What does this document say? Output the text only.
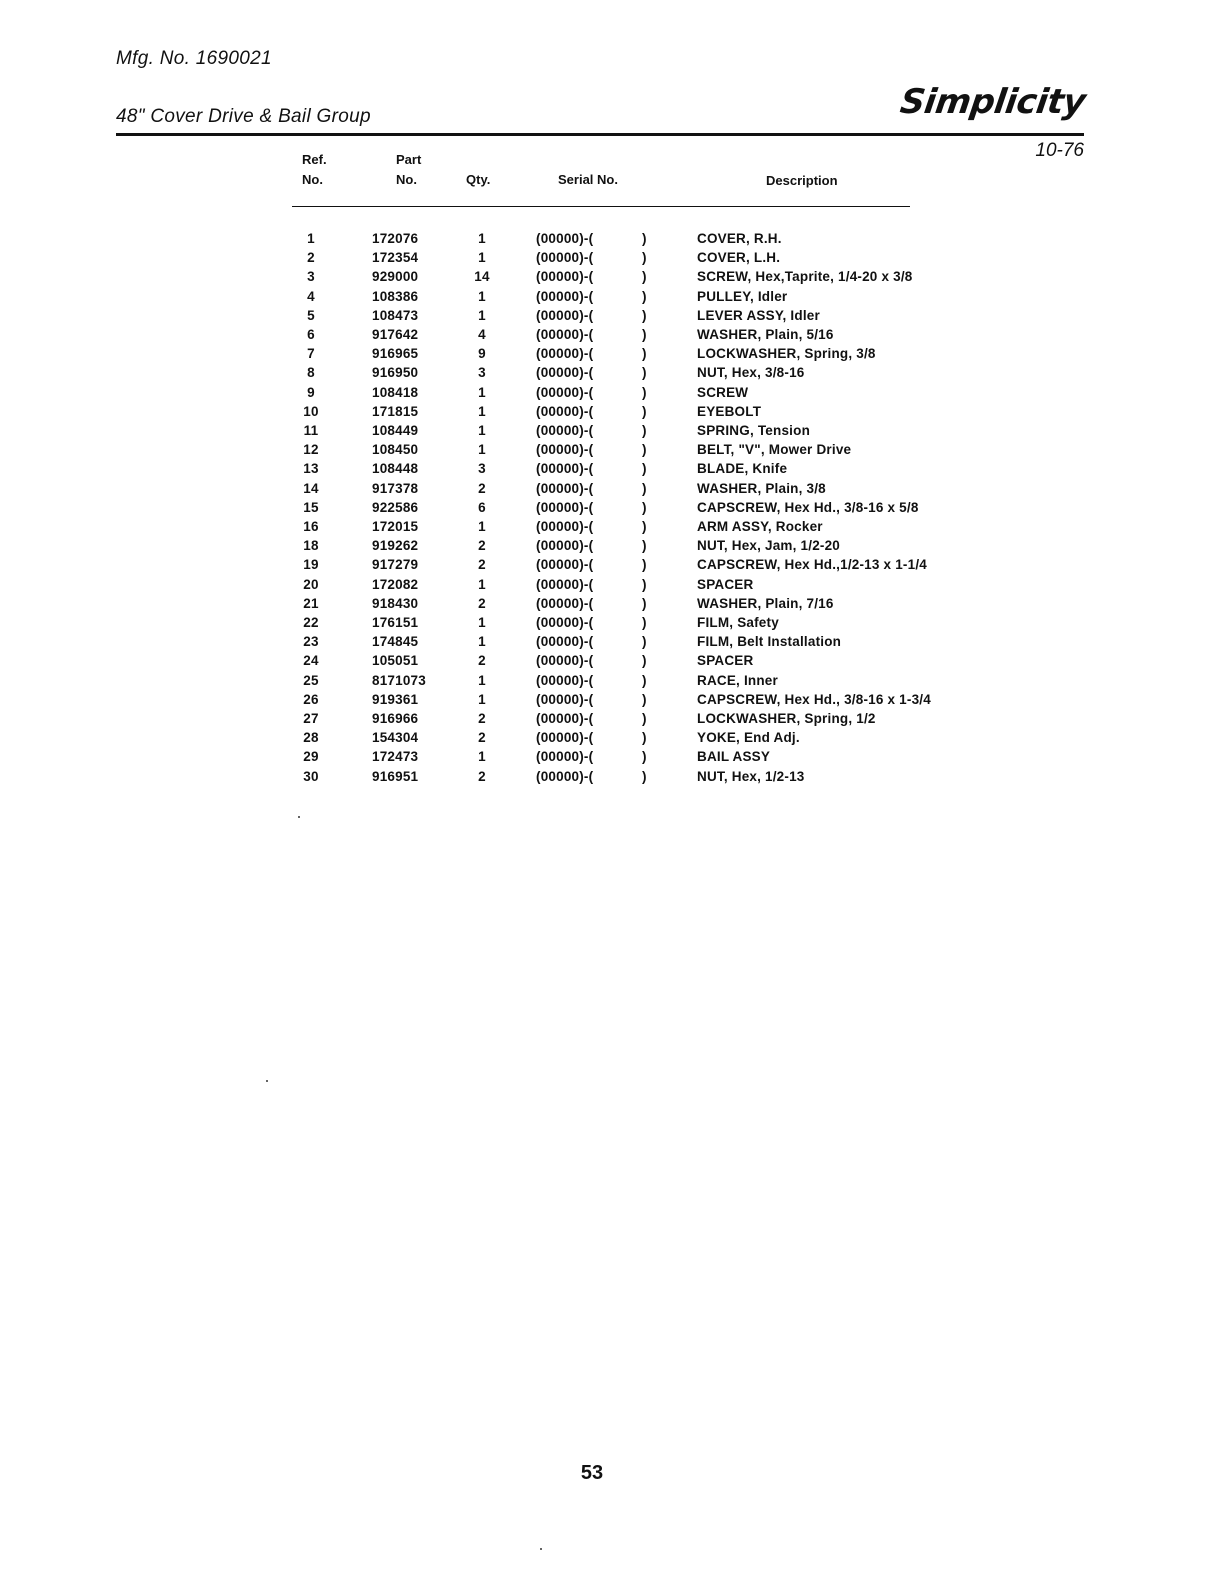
Mfg. No. 1690021
48" Cover Drive & Bail Group	Simplicity
10-76
Ref.
No.
Part
No.	Qty.	Serial No.	Description
1	172076	1	(00000)-(	)	COVER, R.H.
2	172354	1	(00000)-(	)	COVER, L.H.
3	929000	14	(00000)-(	)	SCREW, Hex,Taprite, 1/4-20 x 3/8
4	108386	1	(00000)-(	)	PULLEY, Idler
5	108473	1	(00000)-(	)	LEVER ASSY, Idler
6	917642	4	(00000)-(	)	WASHER, Plain, 5/16
7	916965	9	(00000)-(	)	LOCKWASHER, Spring, 3/8
8	916950	3	(00000)-(	)	NUT, Hex, 3/8-16
9	108418	1	(00000)-(	)	SCREW
10	171815	1	(00000)-(	)	EYEBOLT
11	108449	1	(00000)-(	)	SPRING, Tension
12	108450	1	(00000)-(	)	BELT, "V", Mower Drive
13	108448	3	(00000)-(	)	BLADE, Knife
14	917378	2	(00000)-(	)	WASHER, Plain, 3/8
15	922586	6	(00000)-(	)	CAPSCREW, Hex Hd., 3/8-16 x 5/8
16	172015	1	(00000)-(	)	ARM ASSY, Rocker
18	919262	2	(00000)-(	)	NUT, Hex, Jam, 1/2-20
19	917279	2	(00000)-(	)	CAPSCREW, Hex Hd.,1/2-13 x 1-1/4
20	172082	1	(00000)-(	)	SPACER
21	918430	2	(00000)-(	)	WASHER, Plain, 7/16
22	176151	1	(00000)-(	)	FILM, Safety
23	174845	1	(00000)-(	)	FILM, Belt Installation
24	105051	2	(00000)-(	)	SPACER
25	8171073	1	(00000)-(	)	RACE, Inner
26	919361	1	(00000)-(	)	CAPSCREW, Hex Hd., 3/8-16 x 1-3/4
27	916966	2	(00000)-(	)	LOCKWASHER, Spring, 1/2
28	154304	2	(00000)-(	)	YOKE, End Adj.
29	172473	1	(00000)-(	)	BAIL ASSY
30	916951	2	(00000)-(	)	NUT, Hex, 1/2-13
53
